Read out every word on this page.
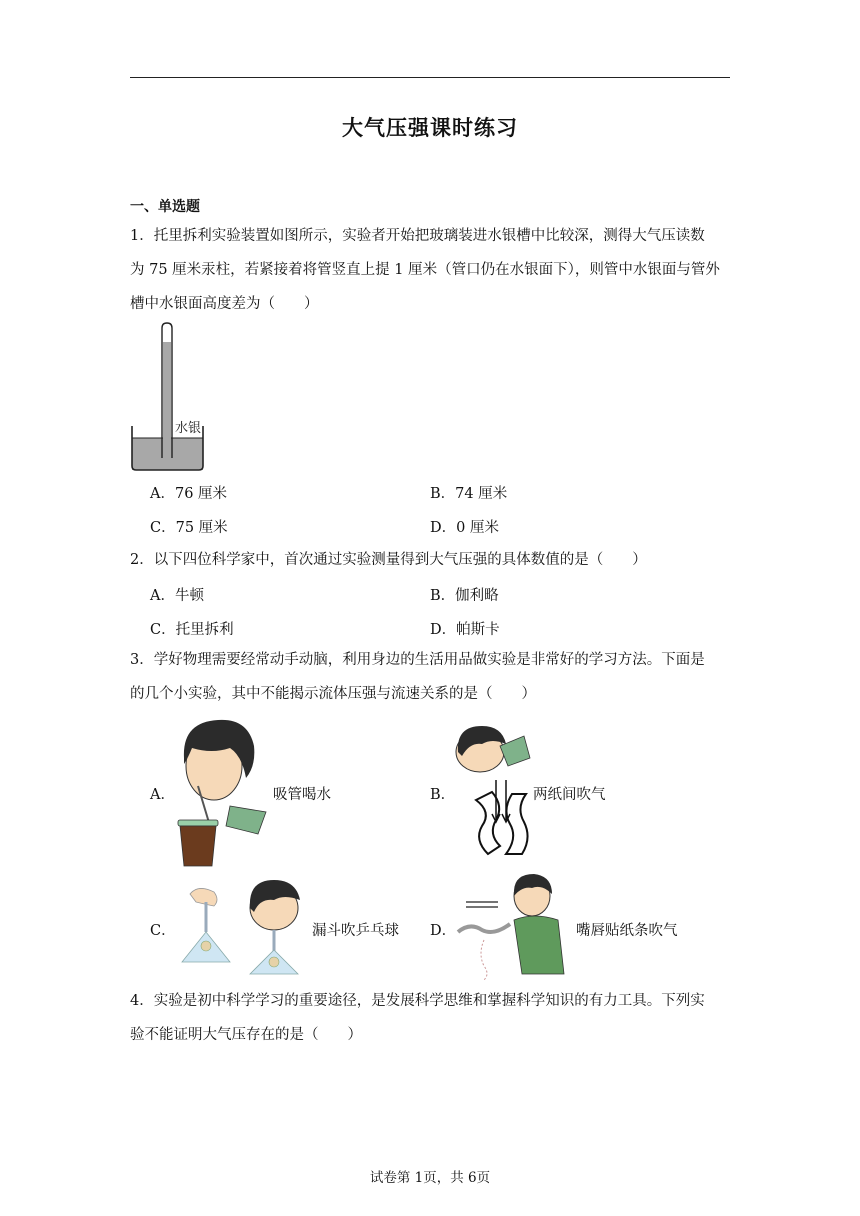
大气压强课时练习
一、单选题
1．托里拆利实验装置如图所示，实验者开始把玻璃装进水银槽中比较深，测得大气压读数
为 75 厘米汞柱，若紧接着将管竖直上提 1 厘米（管口仍在水银面下），则管中水银面与管外
槽中水银面高度差为（　　）
水银
A．76 厘米	B．74 厘米
C．75 厘米	D．0 厘米
2．以下四位科学家中，首次通过实验测量得到大气压强的具体数值的是（　　）
A．牛顿	B．伽利略
C．托里拆利	D．帕斯卡
3．学好物理需要经常动手动脑，利用身边的生活用品做实验是非常好的学习方法。下面是
的几个小实验，其中不能揭示流体压强与流速关系的是（　　）
A．	吸管喝水	B．	两纸间吹气
C．	漏斗吹乒乓球 D．	嘴唇贴纸条吹气
4．实验是初中科学学习的重要途径，是发展科学思维和掌握科学知识的有力工具。下列实
验不能证明大气压存在的是（　　）
试卷第 1页，共 6页
